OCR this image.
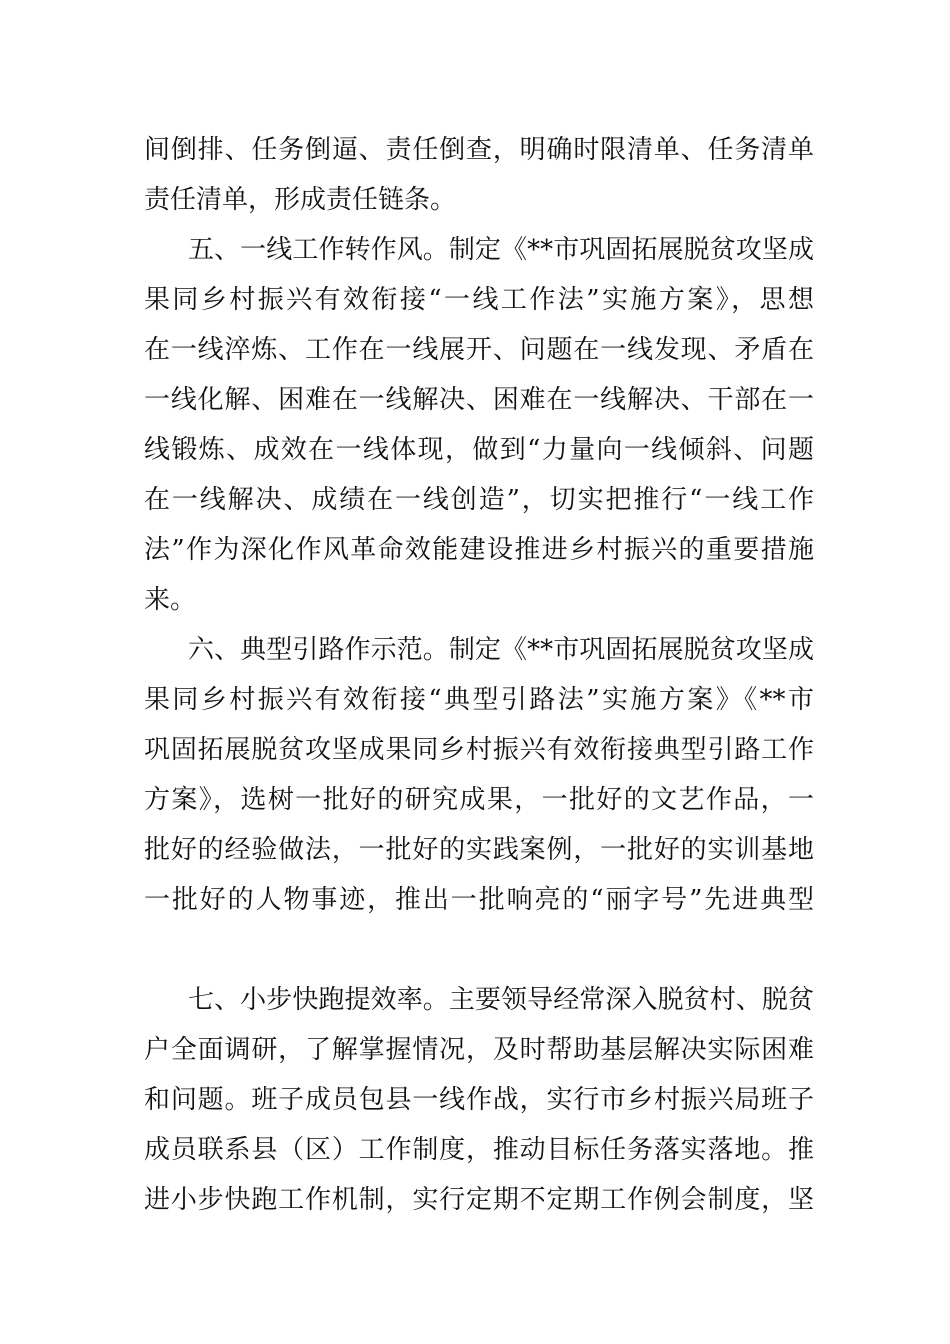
间倒排、任务倒逼、责任倒查，明确时限清单、任务清单
责任清单，形成责任链条。
五、一线工作转作风。制定《**市巩固拓展脱贫攻坚成
果同乡村振兴有效衔接“一线工作法”实施方案》，思想
在一线淬炼、工作在一线展开、问题在一线发现、矛盾在
一线化解、困难在一线解决、困难在一线解决、干部在一
线锻炼、成效在一线体现，做到“力量向一线倾斜、问题
在一线解决、成绩在一线创造”，切实把推行“一线工作
法”作为深化作风革命效能建设推进乡村振兴的重要措施
来。
六、典型引路作示范。制定《**市巩固拓展脱贫攻坚成
果同乡村振兴有效衔接“典型引路法”实施方案》《**市
巩固拓展脱贫攻坚成果同乡村振兴有效衔接典型引路工作
方案》，选树一批好的研究成果，一批好的文艺作品，一
批好的经验做法，一批好的实践案例，一批好的实训基地
一批好的人物事迹，推出一批响亮的“丽字号”先进典型
七、小步快跑提效率。主要领导经常深入脱贫村、脱贫
户全面调研，了解掌握情况，及时帮助基层解决实际困难
和问题。班子成员包县一线作战，实行市乡村振兴局班子
成员联系县（区）工作制度，推动目标任务落实落地。推
进小步快跑工作机制，实行定期不定期工作例会制度，坚
